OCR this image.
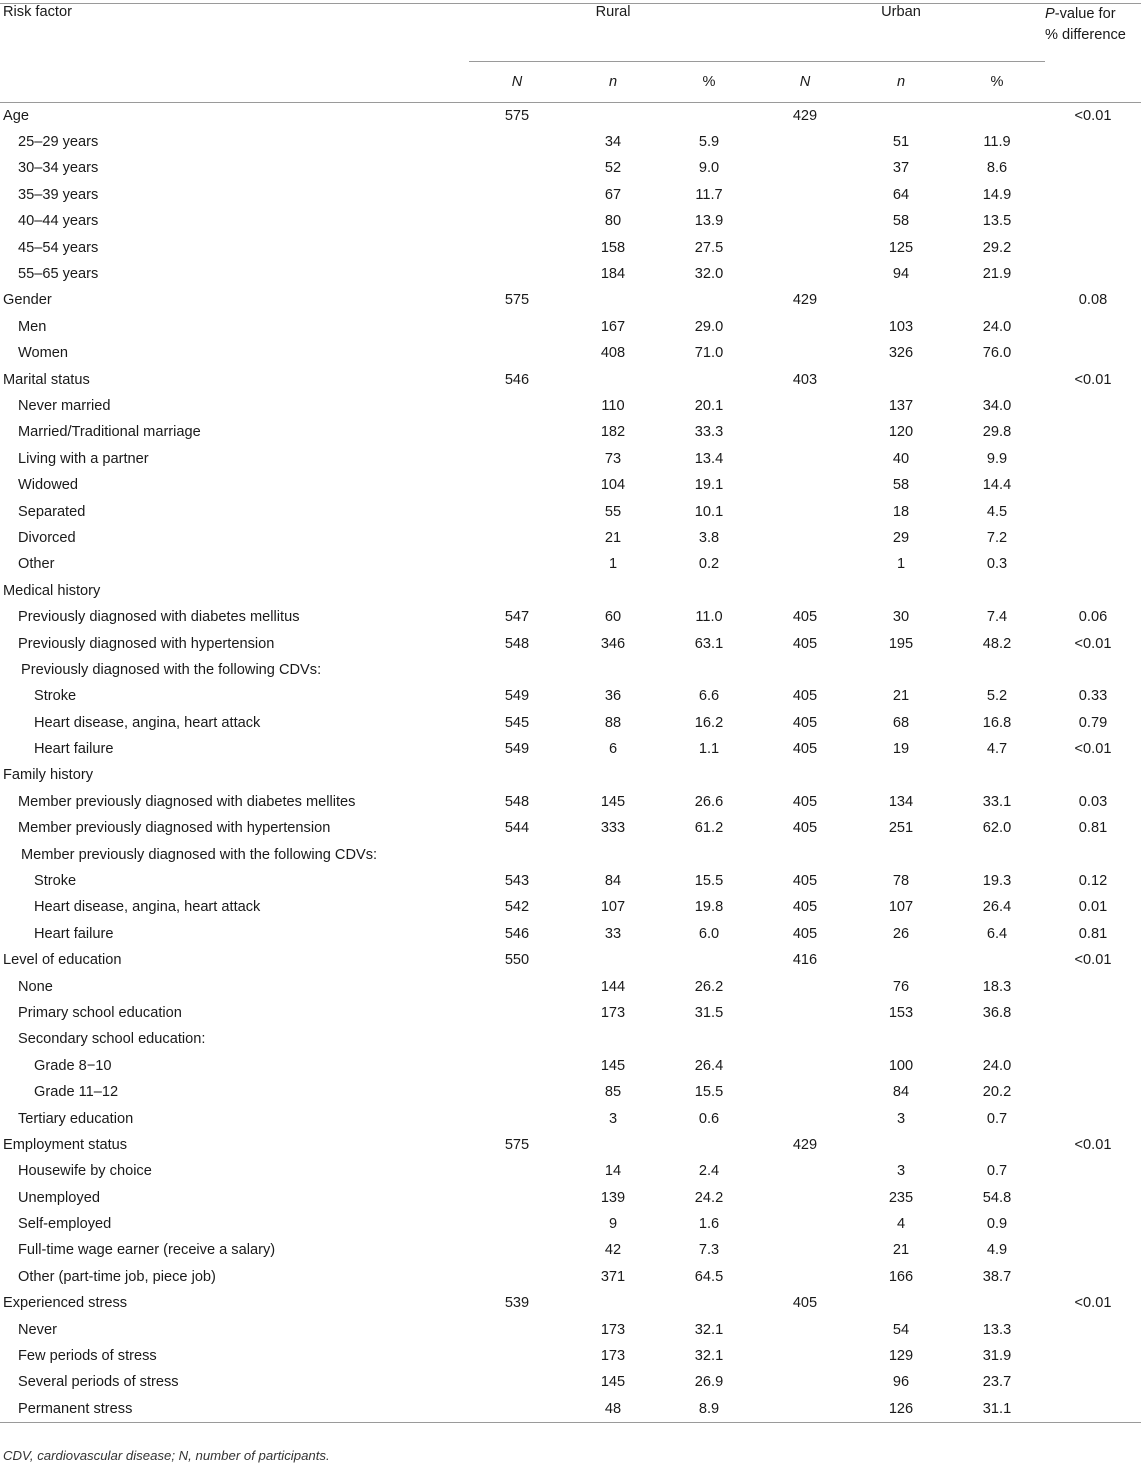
Risk factor	Rural			Urban			P-value for
% difference
	N	n	%	N	n	%	
Age	575			429			<0.01
25–29 years		34	5.9		51	11.9	
30–34 years		52	9.0		37	8.6	
35–39 years		67	11.7		64	14.9	
40–44 years		80	13.9		58	13.5	
45–54 years		158	27.5		125	29.2	
55–65 years		184	32.0		94	21.9	
Gender	575			429			0.08
Men		167	29.0		103	24.0	
Women		408	71.0		326	76.0	
Marital status	546			403			<0.01
Never married		110	20.1		137	34.0	
Married/Traditional marriage		182	33.3		120	29.8	
Living with a partner		73	13.4		40	9.9	
Widowed		104	19.1		58	14.4	
Separated		55	10.1		18	4.5	
Divorced		21	3.8		29	7.2	
Other		1	0.2		1	0.3	
Medical history							
Previously diagnosed with diabetes mellitus	547	60	11.0	405	30	7.4	0.06
Previously diagnosed with hypertension	548	346	63.1	405	195	48.2	<0.01
Previously diagnosed with the following CDVs:							
Stroke	549	36	6.6	405	21	5.2	0.33
Heart disease, angina, heart attack	545	88	16.2	405	68	16.8	0.79
Heart failure	549	6	1.1	405	19	4.7	<0.01
Family history							
Member previously diagnosed with diabetes mellites	548	145	26.6	405	134	33.1	0.03
Member previously diagnosed with hypertension	544	333	61.2	405	251	62.0	0.81
Member previously diagnosed with the following CDVs:							
Stroke	543	84	15.5	405	78	19.3	0.12
Heart disease, angina, heart attack	542	107	19.8	405	107	26.4	0.01
Heart failure	546	33	6.0	405	26	6.4	0.81
Level of education	550			416			<0.01
None		144	26.2		76	18.3	
Primary school education		173	31.5		153	36.8	
Secondary school education:							
Grade 8−10		145	26.4		100	24.0	
Grade 11–12		85	15.5		84	20.2	
Tertiary education		3	0.6		3	0.7	
Employment status	575			429			<0.01
Housewife by choice		14	2.4		3	0.7	
Unemployed		139	24.2		235	54.8	
Self-employed		9	1.6		4	0.9	
Full-time wage earner (receive a salary)		42	7.3		21	4.9	
Other (part-time job, piece job)		371	64.5		166	38.7	
Experienced stress	539			405			<0.01
Never		173	32.1		54	13.3	
Few periods of stress		173	32.1		129	31.9	
Several periods of stress		145	26.9		96	23.7	
Permanent stress		48	8.9		126	31.1	
CDV, cardiovascular disease; N, number of participants.
